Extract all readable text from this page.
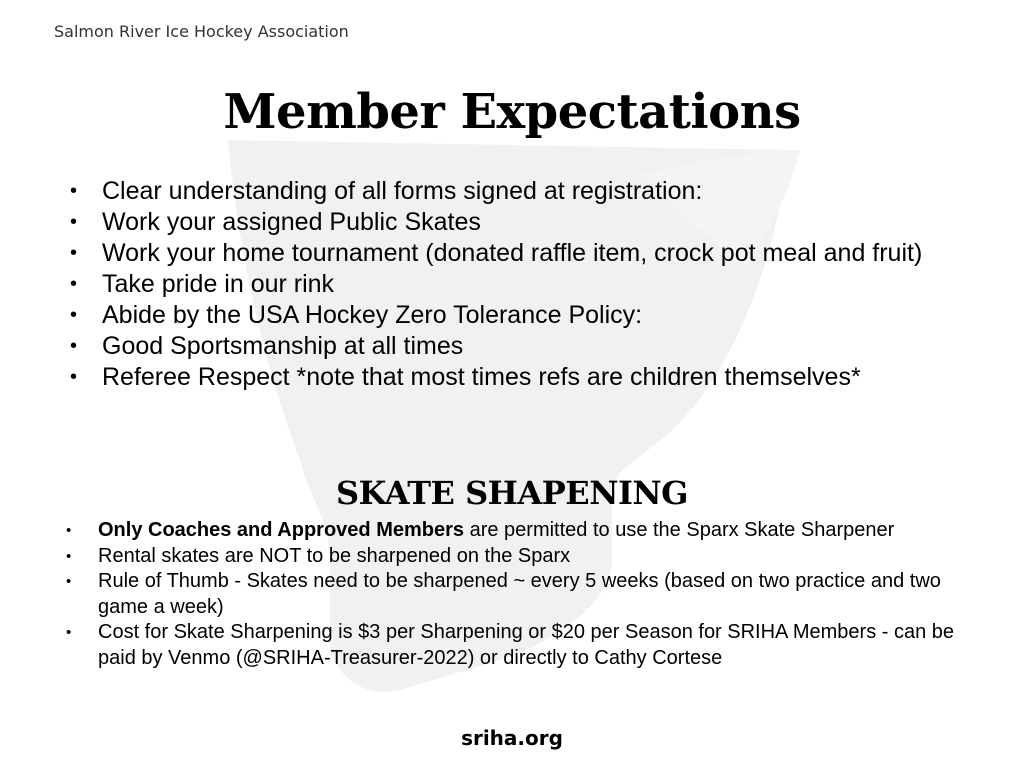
Salmon River Ice Hockey Association
Member Expectations
• Clear understanding of all forms signed at registration:
• Work your assigned Public Skates
• Work your home tournament (donated raffle item, crock pot meal and fruit)
• Take pride in our rink
• Abide by the USA Hockey Zero Tolerance Policy:
• Good Sportsmanship at all times
• Referee Respect *note that most times refs are children themselves*
SKATE SHAPENING
• Only Coaches and Approved Members are permitted to use the Sparx Skate Sharpener
• Rental skates are NOT to be sharpened on the Sparx
• Rule of Thumb - Skates need to be sharpened ~ every 5 weeks (based on two practice and two game a week)
• Cost for Skate Sharpening is $3 per Sharpening or $20 per Season for SRIHA Members - can be paid by Venmo (@SRIHA-Treasurer-2022) or directly to Cathy Cortese
sriha.org
